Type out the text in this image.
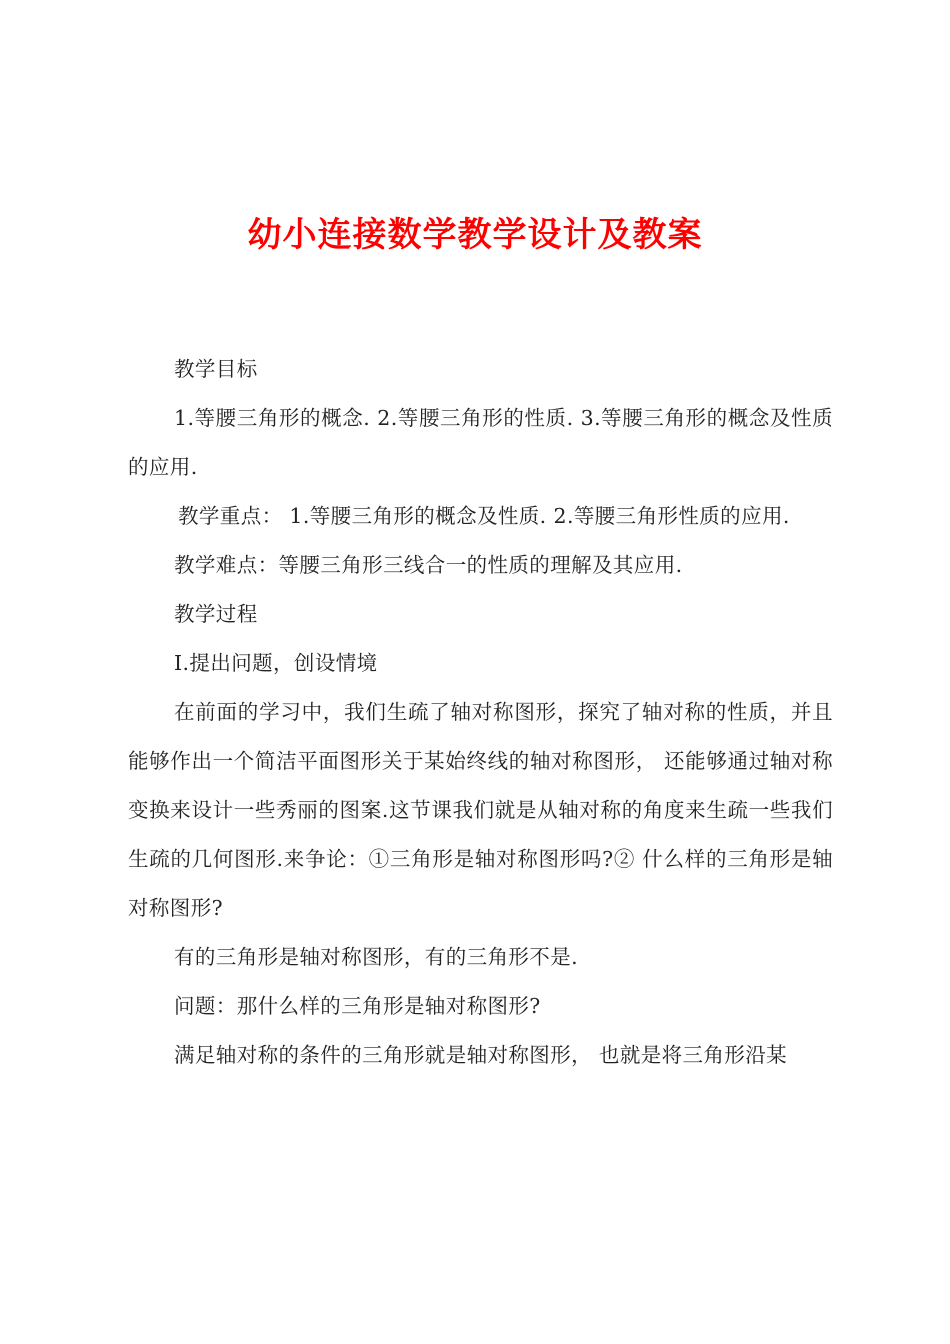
幼小连接数学教学设计及教案

教学目标

1.等腰三角形的概念. 2.等腰三角形的性质. 3.等腰三角形的概念及性质的应用.

教学重点： 1.等腰三角形的概念及性质. 2.等腰三角形性质的应用.

教学难点：等腰三角形三线合一的性质的理解及其应用.

教学过程

Ⅰ.提出问题，创设情境

在前面的学习中，我们生疏了轴对称图形，探究了轴对称的性质，并且能够作出一个简洁平面图形关于某始终线的轴对称图形， 还能够通过轴对称变换来设计一些秀丽的图案.这节课我们就是从轴对称的角度来生疏一些我们生疏的几何图形.来争论：①三角形是轴对称图形吗?② 什么样的三角形是轴对称图形?

有的三角形是轴对称图形，有的三角形不是.

问题：那什么样的三角形是轴对称图形?

满足轴对称的条件的三角形就是轴对称图形， 也就是将三角形沿某
